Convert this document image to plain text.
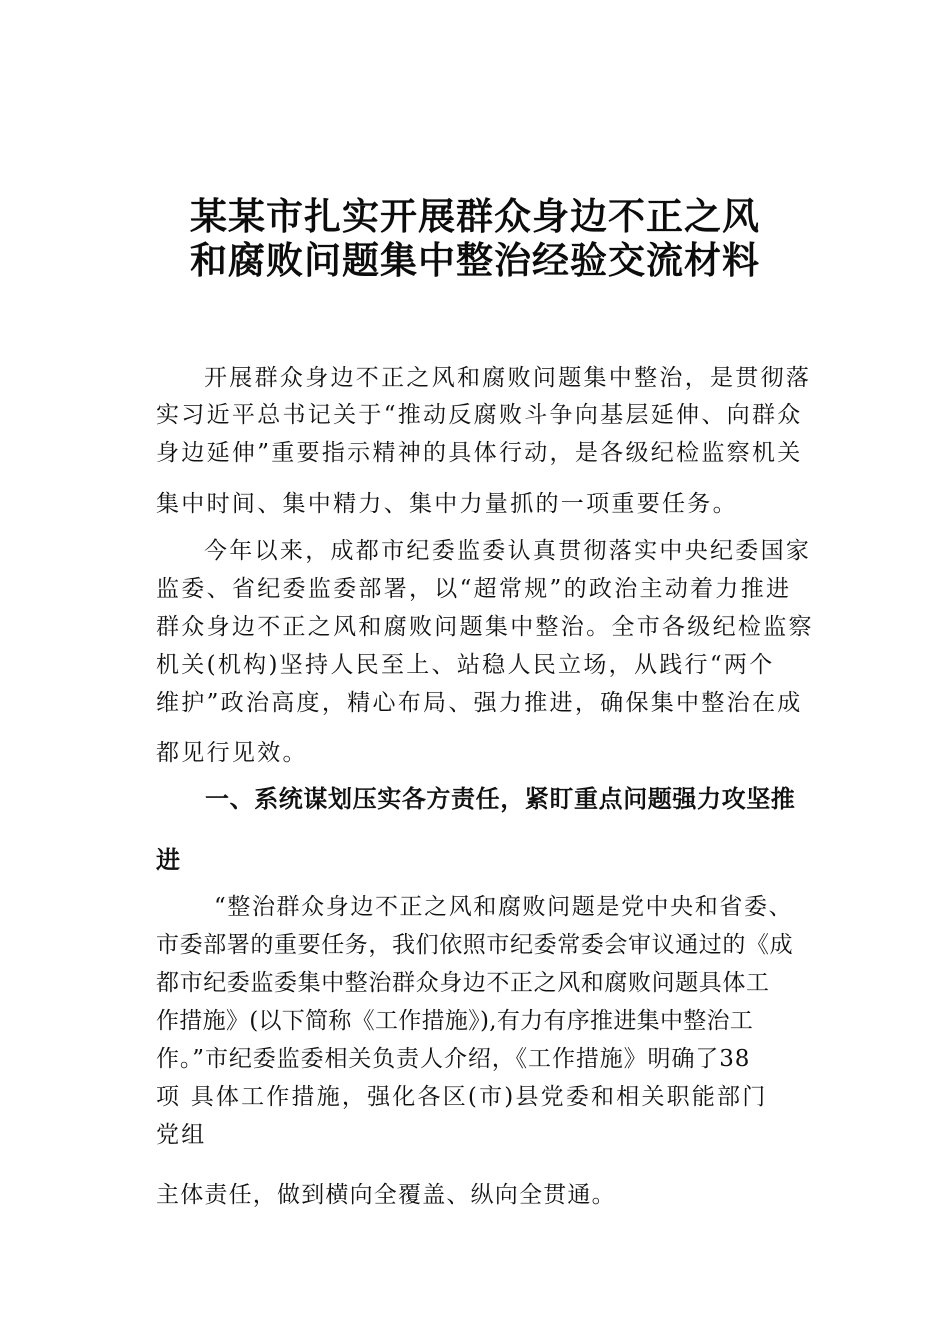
某某市扎实开展群众身边不正之风
和腐败问题集中整治经验交流材料

开展群众身边不正之风和腐败问题集中整治，是贯彻落

实习近平总书记关于“推动反腐败斗争向基层延伸、向群众

身边延伸”重要指示精神的具体行动，是各级纪检监察机关

集中时间、集中精力、集中力量抓的一项重要任务。

今年以来，成都市纪委监委认真贯彻落实中央纪委国家

监委、省纪委监委部署，以“超常规”的政治主动着力推进

群众身边不正之风和腐败问题集中整治。全市各级纪检监察

机关(机构)坚持人民至上、站稳人民立场，从践行“两个

维护”政治高度，精心布局、强力推进，确保集中整治在成

都见行见效。

一、系统谋划压实各方责任，紧盯重点问题强力攻坚推

进

“整治群众身边不正之风和腐败问题是党中央和省委、

市委部署的重要任务，我们依照市纪委常委会审议通过的《成

都市纪委监委集中整治群众身边不正之风和腐败问题具体工

作措施》(以下简称《工作措施》),有力有序推进集中整治工

作。”市纪委监委相关负责人介绍，《工作措施》明确了38

项 具体工作措施，强化各区(市)县党委和相关职能部门

党组

主体责任，做到横向全覆盖、纵向全贯通。
